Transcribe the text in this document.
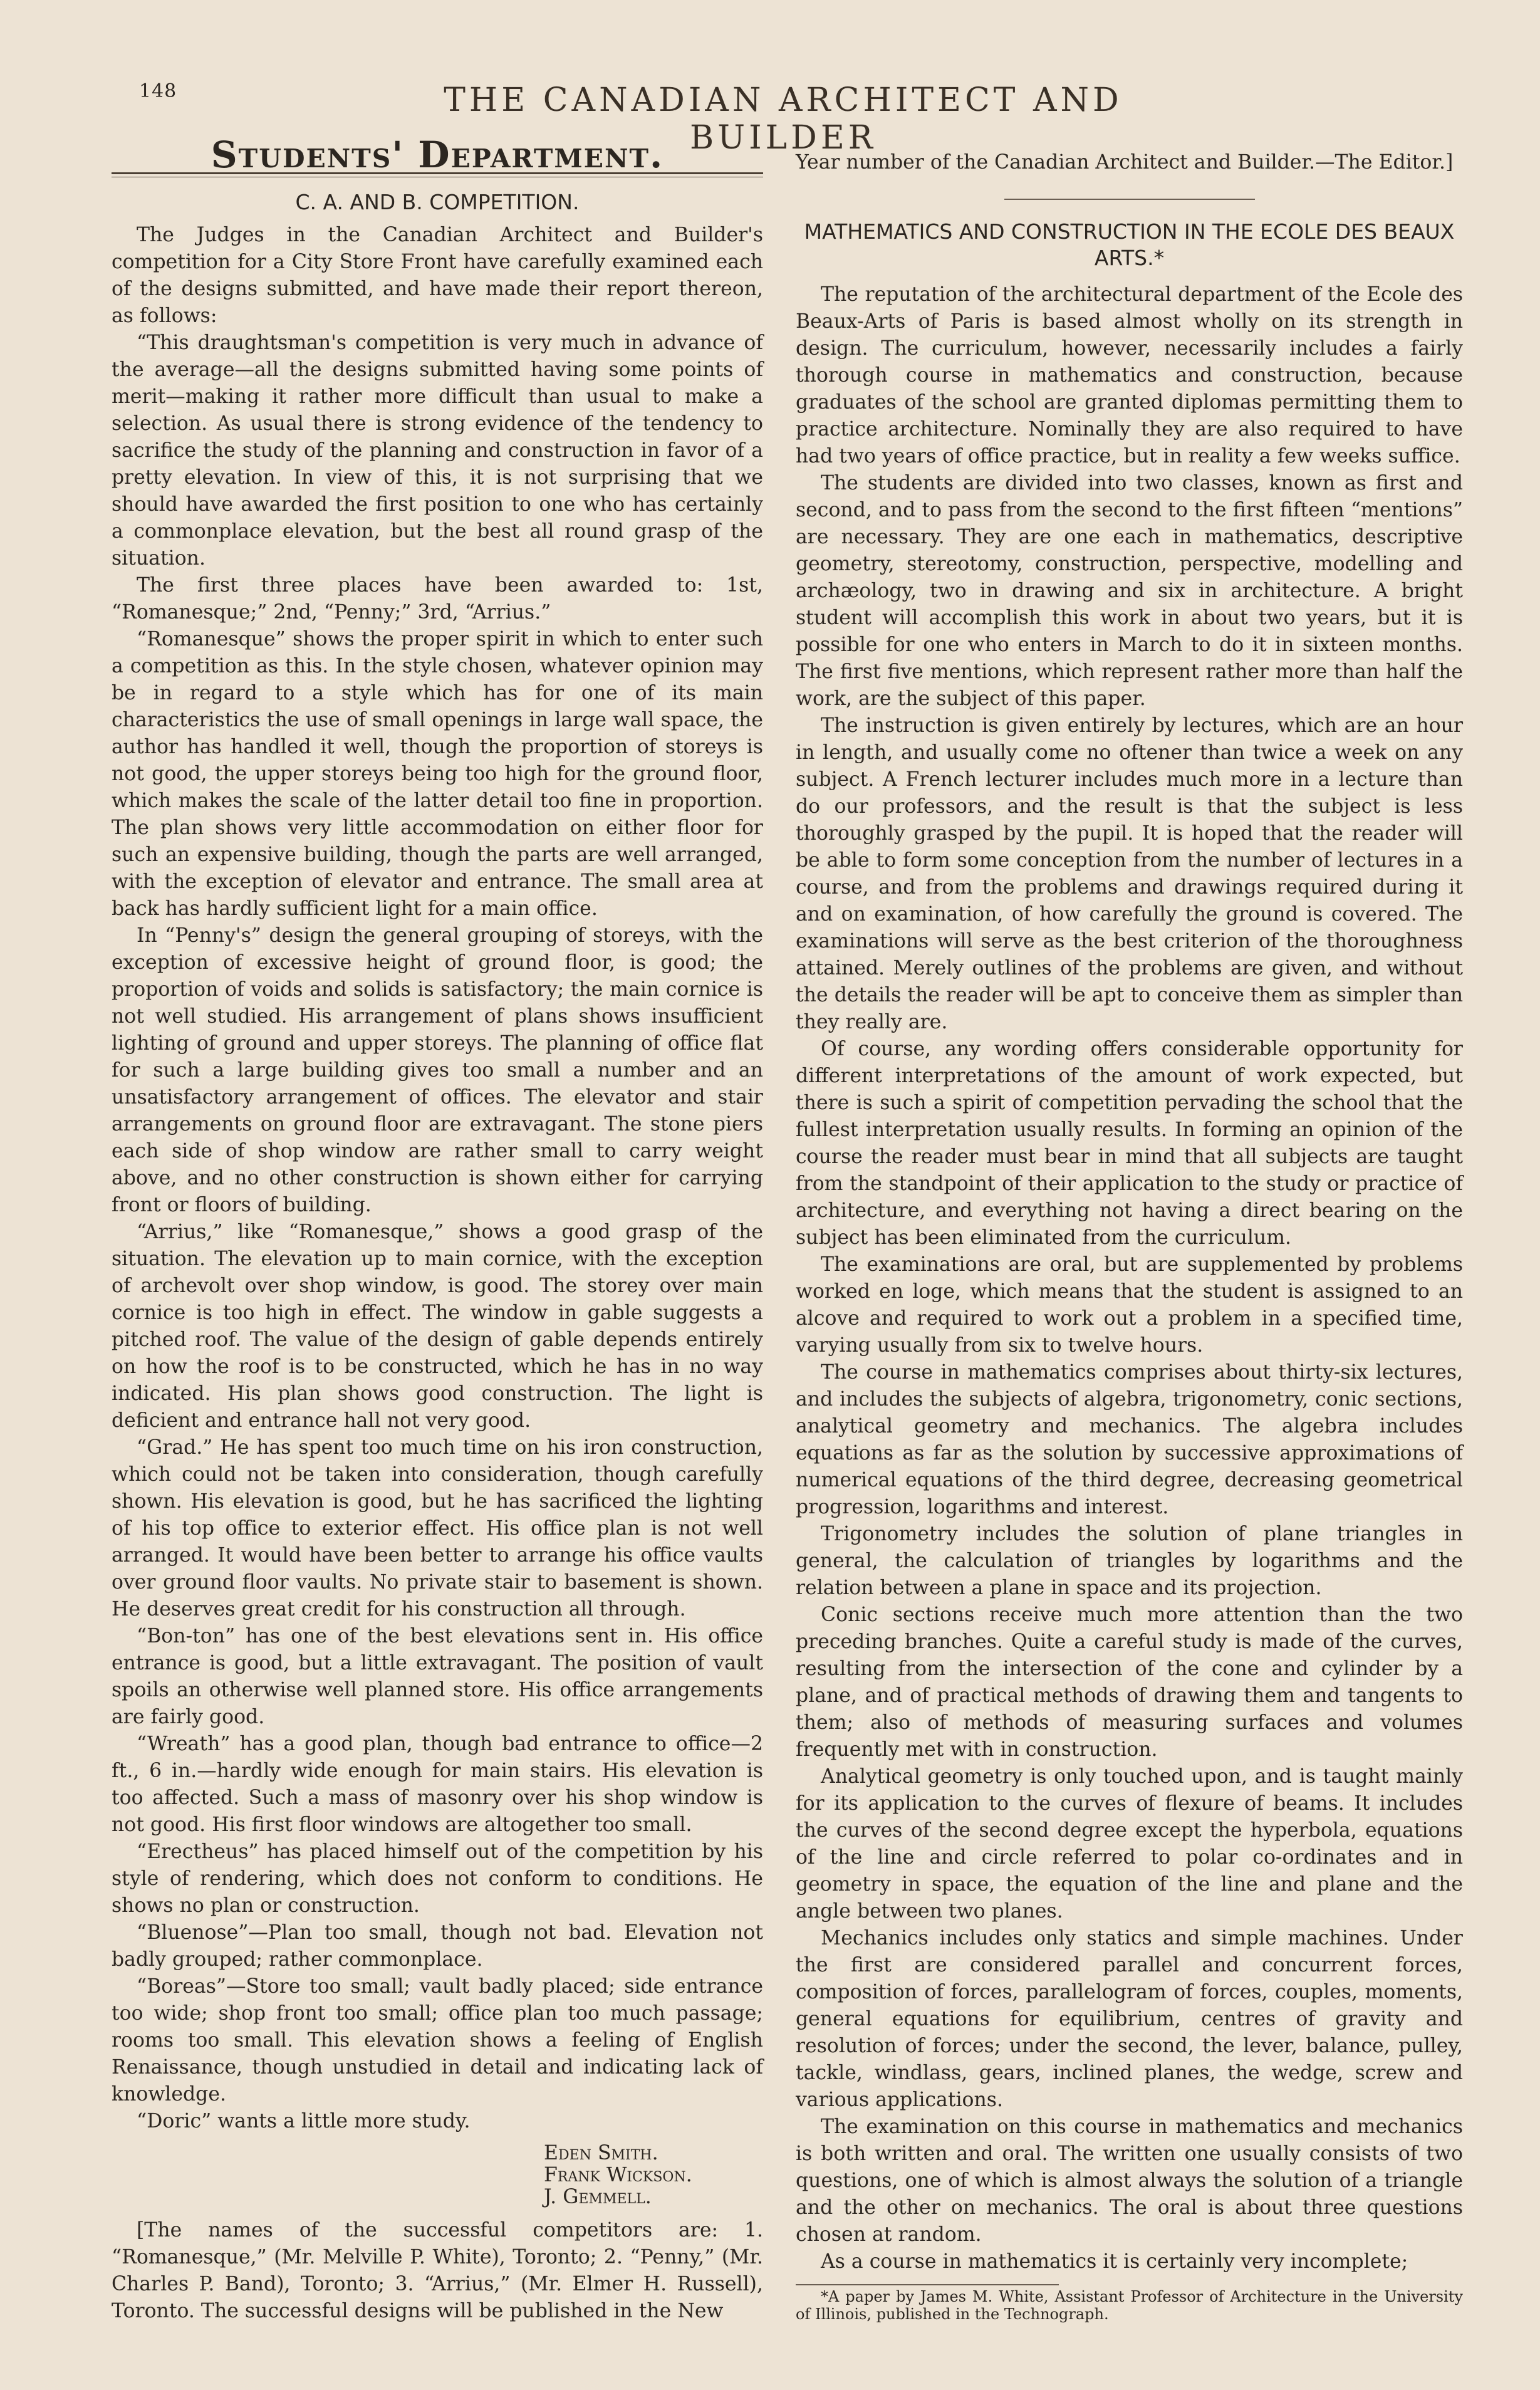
148	THE CANADIAN ARCHITECT AND BUILDER
Students' Department.
C. A. AND B. COMPETITION.

The Judges in the Canadian Architect and Builder's competition for a City Store Front have carefully examined each of the designs submitted, and have made their report thereon, as follows:

“This draughtsman's competition is very much in advance of the average—all the designs submitted having some points of merit—making it rather more difficult than usual to make a selection. As usual there is strong evidence of the tendency to sacrifice the study of the planning and construction in favor of a pretty elevation. In view of this, it is not surprising that we should have awarded the first position to one who has certainly a commonplace elevation, but the best all round grasp of the situation.

The first three places have been awarded to: 1st, “Romanesque;” 2nd, “Penny;” 3rd, “Arrius.”

“Romanesque” shows the proper spirit in which to enter such a competition as this. In the style chosen, whatever opinion may be in regard to a style which has for one of its main characteristics the use of small openings in large wall space, the author has handled it well, though the proportion of storeys is not good, the upper storeys being too high for the ground floor, which makes the scale of the latter detail too fine in proportion. The plan shows very little accommodation on either floor for such an expensive building, though the parts are well arranged, with the exception of elevator and entrance. The small area at back has hardly sufficient light for a main office.

In “Penny's” design the general grouping of storeys, with the exception of excessive height of ground floor, is good; the proportion of voids and solids is satisfactory; the main cornice is not well studied. His arrangement of plans shows insufficient lighting of ground and upper storeys. The planning of office flat for such a large building gives too small a number and an unsatisfactory arrangement of offices. The elevator and stair arrangements on ground floor are extravagant. The stone piers each side of shop window are rather small to carry weight above, and no other construction is shown either for carrying front or floors of building.

“Arrius,” like “Romanesque,” shows a good grasp of the situation. The elevation up to main cornice, with the exception of archevolt over shop window, is good. The storey over main cornice is too high in effect. The window in gable suggests a pitched roof. The value of the design of gable depends entirely on how the roof is to be constructed, which he has in no way indicated. His plan shows good construction. The light is deficient and entrance hall not very good.

“Grad.” He has spent too much time on his iron construction, which could not be taken into consideration, though carefully shown. His elevation is good, but he has sacrificed the lighting of his top office to exterior effect. His office plan is not well arranged. It would have been better to arrange his office vaults over ground floor vaults. No private stair to basement is shown. He deserves great credit for his construction all through.

“Bon-ton” has one of the best elevations sent in. His office entrance is good, but a little extravagant. The position of vault spoils an otherwise well planned store. His office arrangements are fairly good.

“Wreath” has a good plan, though bad entrance to office—2 ft., 6 in.—hardly wide enough for main stairs. His elevation is too affected. Such a mass of masonry over his shop window is not good. His first floor windows are altogether too small.

“Erectheus” has placed himself out of the competition by his style of rendering, which does not conform to conditions. He shows no plan or construction.

“Bluenose”—Plan too small, though not bad. Elevation not badly grouped; rather commonplace.

“Boreas”—Store too small; vault badly placed; side entrance too wide; shop front too small; office plan too much passage; rooms too small. This elevation shows a feeling of English Renaissance, though unstudied in detail and indicating lack of knowledge.

“Doric” wants a little more study.

Eden Smith.
Frank Wickson.
J. Gemmell.

[The names of the successful competitors are: 1. “Romanesque,” (Mr. Melville P. White), Toronto; 2. “Penny,” (Mr. Charles P. Band), Toronto; 3. “Arrius,” (Mr. Elmer H. Russell), Toronto. The successful designs will be published in the New

Year number of the Canadian Architect and Builder.—The Editor.]

MATHEMATICS AND CONSTRUCTION IN THE ECOLE DES BEAUX ARTS.*

The reputation of the architectural department of the Ecole des Beaux-Arts of Paris is based almost wholly on its strength in design. The curriculum, however, necessarily includes a fairly thorough course in mathematics and construction, because graduates of the school are granted diplomas permitting them to practice architecture. Nominally they are also required to have had two years of office practice, but in reality a few weeks suffice.

The students are divided into two classes, known as first and second, and to pass from the second to the first fifteen “mentions” are necessary. They are one each in mathematics, descriptive geometry, stereotomy, construction, perspective, modelling and archæology, two in drawing and six in architecture. A bright student will accomplish this work in about two years, but it is possible for one who enters in March to do it in sixteen months. The first five mentions, which represent rather more than half the work, are the subject of this paper.

The instruction is given entirely by lectures, which are an hour in length, and usually come no oftener than twice a week on any subject. A French lecturer includes much more in a lecture than do our professors, and the result is that the subject is less thoroughly grasped by the pupil. It is hoped that the reader will be able to form some conception from the number of lectures in a course, and from the problems and drawings required during it and on examination, of how carefully the ground is covered. The examinations will serve as the best criterion of the thoroughness attained. Merely outlines of the problems are given, and without the details the reader will be apt to conceive them as simpler than they really are.

Of course, any wording offers considerable opportunity for different interpretations of the amount of work expected, but there is such a spirit of competition pervading the school that the fullest interpretation usually results. In forming an opinion of the course the reader must bear in mind that all subjects are taught from the standpoint of their application to the study or practice of architecture, and everything not having a direct bearing on the subject has been eliminated from the curriculum.

The examinations are oral, but are supplemented by problems worked en loge, which means that the student is assigned to an alcove and required to work out a problem in a specified time, varying usually from six to twelve hours.

The course in mathematics comprises about thirty-six lectures, and includes the subjects of algebra, trigonometry, conic sections, analytical geometry and mechanics. The algebra includes equations as far as the solution by successive approximations of numerical equations of the third degree, decreasing geometrical progression, logarithms and interest.

Trigonometry includes the solution of plane triangles in general, the calculation of triangles by logarithms and the relation between a plane in space and its projection.

Conic sections receive much more attention than the two preceding branches. Quite a careful study is made of the curves, resulting from the intersection of the cone and cylinder by a plane, and of practical methods of drawing them and tangents to them; also of methods of measuring surfaces and volumes frequently met with in construction.

Analytical geometry is only touched upon, and is taught mainly for its application to the curves of flexure of beams. It includes the curves of the second degree except the hyperbola, equations of the line and circle referred to polar co-ordinates and in geometry in space, the equation of the line and plane and the angle between two planes.

Mechanics includes only statics and simple machines. Under the first are considered parallel and concurrent forces, composition of forces, parallelogram of forces, couples, moments, general equations for equilibrium, centres of gravity and resolution of forces; under the second, the lever, balance, pulley, tackle, windlass, gears, inclined planes, the wedge, screw and various applications.

The examination on this course in mathematics and mechanics is both written and oral. The written one usually consists of two questions, one of which is almost always the solution of a triangle and the other on mechanics. The oral is about three questions chosen at random.

As a course in mathematics it is certainly very incomplete;

*A paper by James M. White, Assistant Professor of Architecture in the University of Illinois, published in the Technograph.
